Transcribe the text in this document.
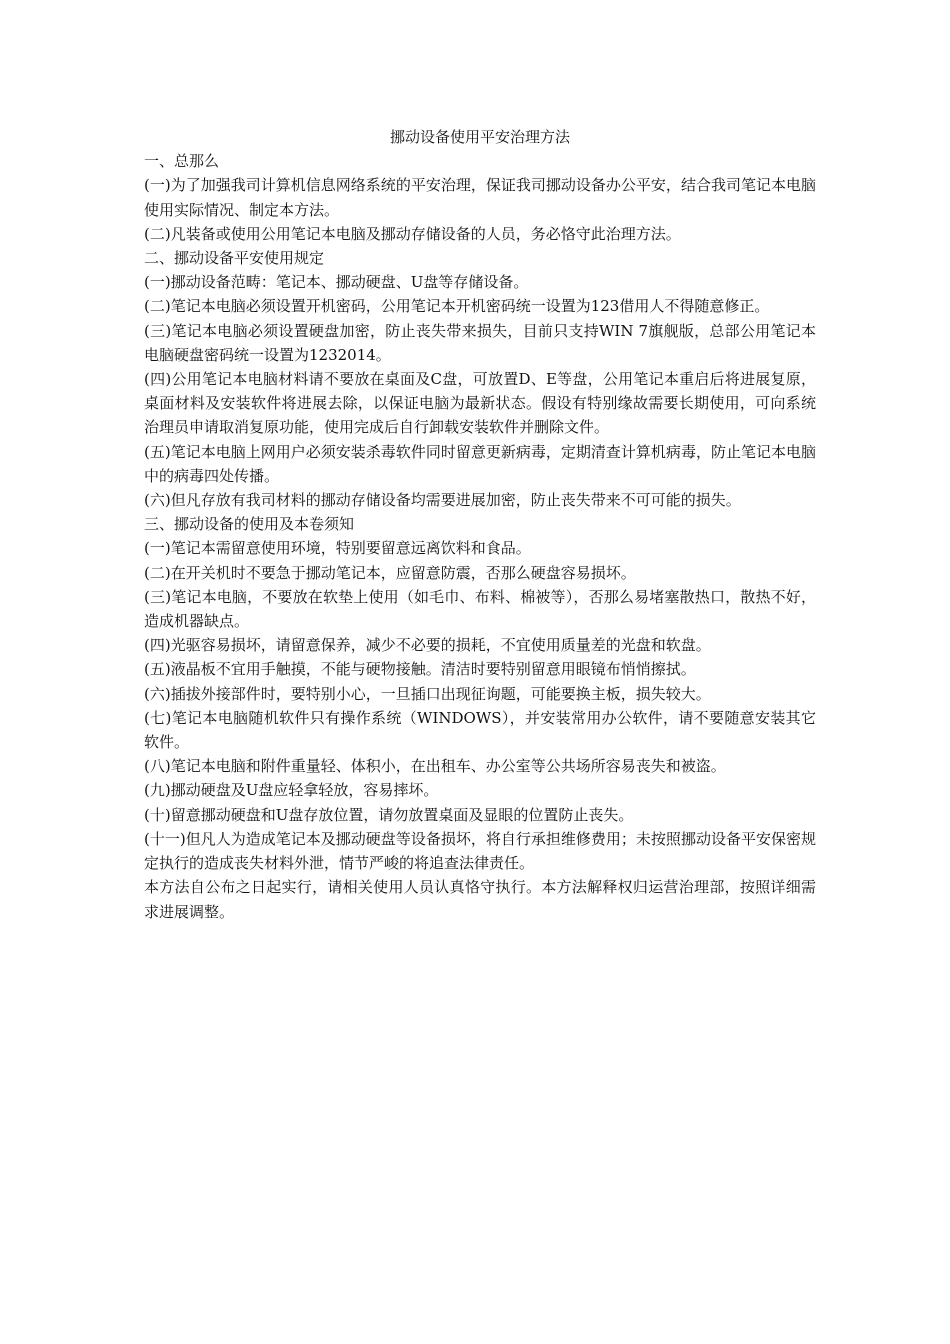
挪动设备使用平安治理方法

一、总那么

(一)为了加强我司计算机信息网络系统的平安治理，保证我司挪动设备办公平安，结合我司笔记本电脑使用实际情况、制定本方法。

(二)凡装备或使用公用笔记本电脑及挪动存储设备的人员，务必恪守此治理方法。

二、挪动设备平安使用规定

(一)挪动设备范畴：笔记本、挪动硬盘、U盘等存储设备。

(二)笔记本电脑必须设置开机密码，公用笔记本开机密码统一设置为123借用人不得随意修正。

(三)笔记本电脑必须设置硬盘加密，防止丧失带来损失，目前只支持WIN 7旗舰版，总部公用笔记本电脑硬盘密码统一设置为1232014。

(四)公用笔记本电脑材料请不要放在桌面及C盘，可放置D、E等盘，公用笔记本重启后将进展复原，桌面材料及安装软件将进展去除，以保证电脑为最新状态。假设有特别缘故需要长期使用，可向系统治理员申请取消复原功能，使用完成后自行卸载安装软件并删除文件。

(五)笔记本电脑上网用户必须安装杀毒软件同时留意更新病毒，定期清查计算机病毒，防止笔记本电脑中的病毒四处传播。

(六)但凡存放有我司材料的挪动存储设备均需要进展加密，防止丧失带来不可可能的损失。

三、挪动设备的使用及本卷须知

(一)笔记本需留意使用环境，特别要留意远离饮料和食品。

(二)在开关机时不要急于挪动笔记本，应留意防震，否那么硬盘容易损坏。

(三)笔记本电脑，不要放在软垫上使用（如毛巾、布料、棉被等），否那么易堵塞散热口，散热不好，造成机器缺点。

(四)光驱容易损坏，请留意保养，减少不必要的损耗，不宜使用质量差的光盘和软盘。

(五)液晶板不宜用手触摸，不能与硬物接触。清洁时要特别留意用眼镜布悄悄擦拭。

(六)插拔外接部件时，要特别小心，一旦插口出现征询题，可能要换主板，损失较大。

(七)笔记本电脑随机软件只有操作系统（WINDOWS），并安装常用办公软件，请不要随意安装其它软件。

(八)笔记本电脑和附件重量轻、体积小，在出租车、办公室等公共场所容易丧失和被盗。

(九)挪动硬盘及U盘应轻拿轻放，容易摔坏。

(十)留意挪动硬盘和U盘存放位置，请勿放置桌面及显眼的位置防止丧失。

(十一)但凡人为造成笔记本及挪动硬盘等设备损坏，将自行承担维修费用；未按照挪动设备平安保密规定执行的造成丧失材料外泄，情节严峻的将追查法律责任。

本方法自公布之日起实行，请相关使用人员认真恪守执行。本方法解释权归运营治理部，按照详细需求进展调整。
